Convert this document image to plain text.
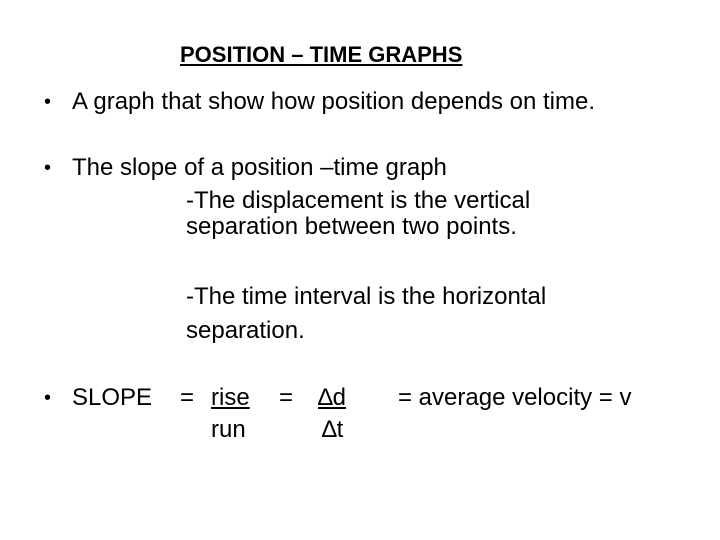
POSITION – TIME GRAPHS
• A graph that show how position depends on time.
• The slope of a position –time graph
-The displacement is the vertical
separation between two points.
-The time interval is the horizontal
separation.
• SLOPE = rise	= ∆d = average velocity = v
run	∆t
